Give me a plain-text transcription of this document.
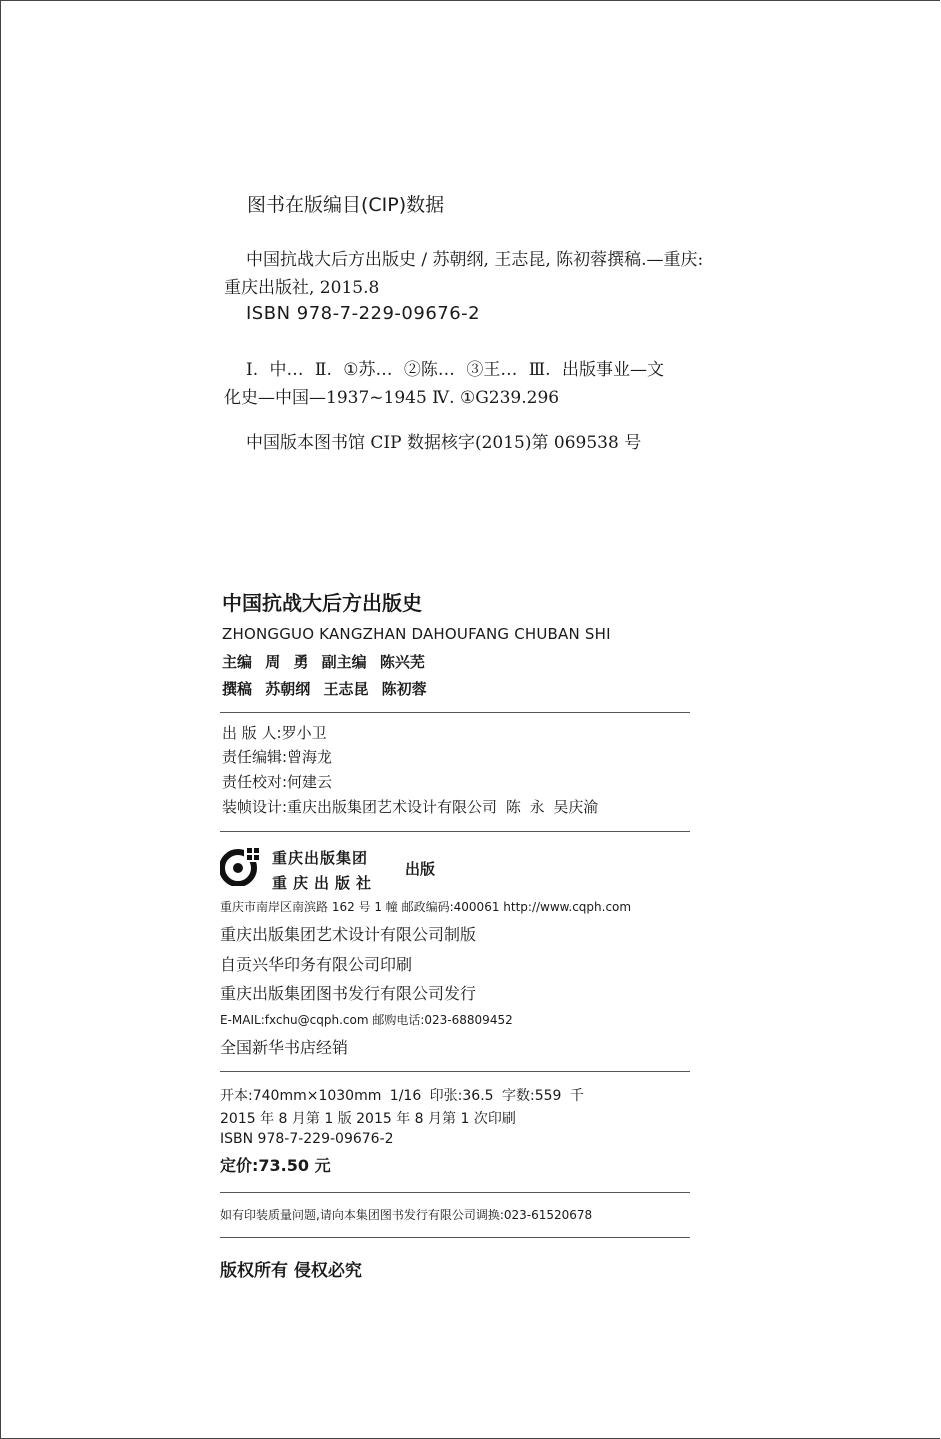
图书在版编目(CIP)数据
中国抗战大后方出版史 / 苏朝纲, 王志昆, 陈初蓉撰稿.—重庆:
重庆出版社, 2015.8
ISBN 978-7-229-09676-2
Ⅰ. 中… Ⅱ. ①苏… ②陈… ③王… Ⅲ. 出版事业—文
化史—中国—1937~1945 Ⅳ. ①G239.296
中国版本图书馆 CIP 数据核字(2015)第 069538 号
中国抗战大后方出版史
ZHONGGUO KANGZHAN DAHOUFANG CHUBAN SHI
主编 周 勇 副主编 陈兴芜
撰稿 苏朝纲 王志昆 陈初蓉
出 版 人:罗小卫
责任编辑:曾海龙
责任校对:何建云
装帧设计:重庆出版集团艺术设计有限公司 陈 永 吴庆渝
重庆出版集团
重庆出版社
出版
重庆市南岸区南滨路 162 号 1 幢 邮政编码:400061 http://www.cqph.com
重庆出版集团艺术设计有限公司制版
自贡兴华印务有限公司印刷
重庆出版集团图书发行有限公司发行
E-MAIL:fxchu@cqph.com 邮购电话:023-68809452
全国新华书店经销
开本:740mm×1030mm 1/16 印张:36.5 字数:559 千
2015 年 8 月第 1 版 2015 年 8 月第 1 次印刷
ISBN 978-7-229-09676-2
定价:73.50 元
如有印装质量问题,请向本集团图书发行有限公司调换:023-61520678
版权所有 侵权必究
